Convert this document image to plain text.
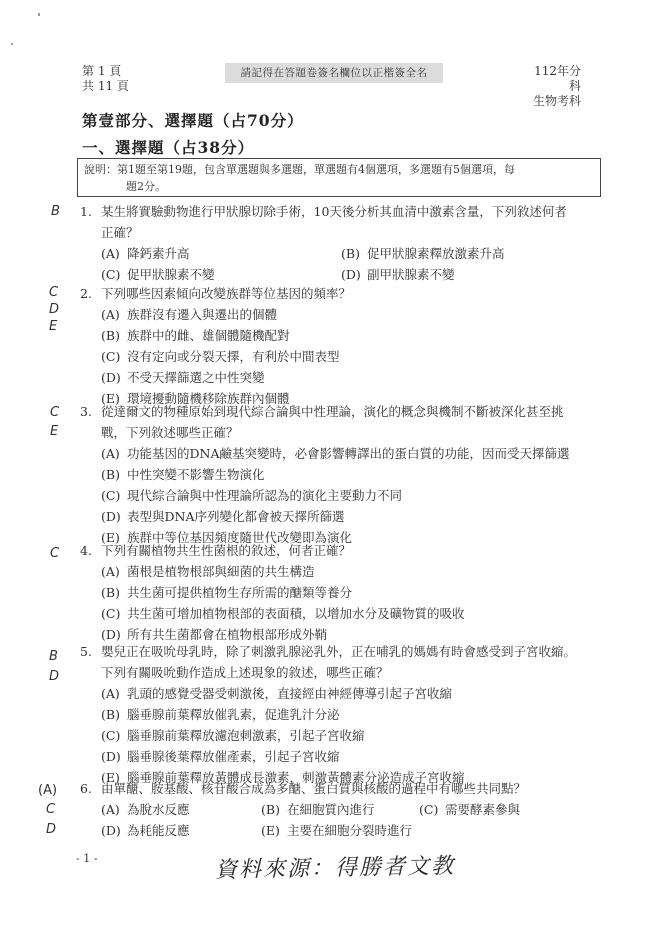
第 1 頁
共 11 頁
請記得在答題卷簽名欄位以正楷簽全名	112年分科
生物考科
第壹部分、選擇題（占70分）
一、選擇題（占38分）
說明：第1題至第19題，包含單選題與多選題，單選題有4個選項，多選題有5個選項，每
題2分。
B 1. 某生將實驗動物進行甲狀腺切除手術，10天後分析其血清中激素含量，下列敘述何者
正確？
(A) 降鈣素升高	(B) 促甲狀腺素釋放激素升高
(C) 促甲狀腺素不變	(D) 副甲狀腺素不變
C
D
E
2. 下列哪些因素傾向改變族群等位基因的頻率？
(A) 族群沒有遷入與遷出的個體
(B) 族群中的雌、雄個體隨機配對
(C) 沒有定向或分裂天擇，有利於中間表型
(D) 不受天擇篩選之中性突變
(E) 環境擾動隨機移除族群內個體
C
E
3. 從達爾文的物種原始到現代綜合論與中性理論，演化的概念與機制不斷被深化甚至挑
戰，下列敘述哪些正確？
(A) 功能基因的DNA鹼基突變時，必會影響轉譯出的蛋白質的功能，因而受天擇篩選
(B) 中性突變不影響生物演化
(C) 現代綜合論與中性理論所認為的演化主要動力不同
(D) 表型與DNA序列變化都會被天擇所篩選
(E) 族群中等位基因頻度隨世代改變即為演化
C 4. 下列有關植物共生性菌根的敘述，何者正確？
(A) 菌根是植物根部與細菌的共生構造
(B) 共生菌可提供植物生存所需的醣類等養分
(C) 共生菌可增加植物根部的表面積，以增加水分及礦物質的吸收
(D) 所有共生菌都會在植物根部形成外鞘
B
D
5. 嬰兒正在吸吮母乳時，除了刺激乳腺泌乳外，正在哺乳的媽媽有時會感受到子宮收縮。
下列有關吸吮動作造成上述現象的敘述，哪些正確？
(A) 乳頭的感覺受器受刺激後，直接經由神經傳導引起子宮收縮
(B) 腦垂腺前葉釋放催乳素，促進乳汁分泌
(C) 腦垂腺前葉釋放濾泡刺激素，引起子宮收縮
(D) 腦垂腺後葉釋放催產素，引起子宮收縮
(E) 腦垂腺前葉釋放黃體成長激素，刺激黃體素分泌造成子宮收縮
(A)
C
D
6. 由單醣、胺基酸、核苷酸合成為多醣、蛋白質與核酸的過程中有哪些共同點？
(A) 為脫水反應	(B) 在細胞質內進行	(C) 需要酵素參與
(D) 為耗能反應	(E) 主要在細胞分裂時進行
- 1 -	資料來源：得勝者文教
